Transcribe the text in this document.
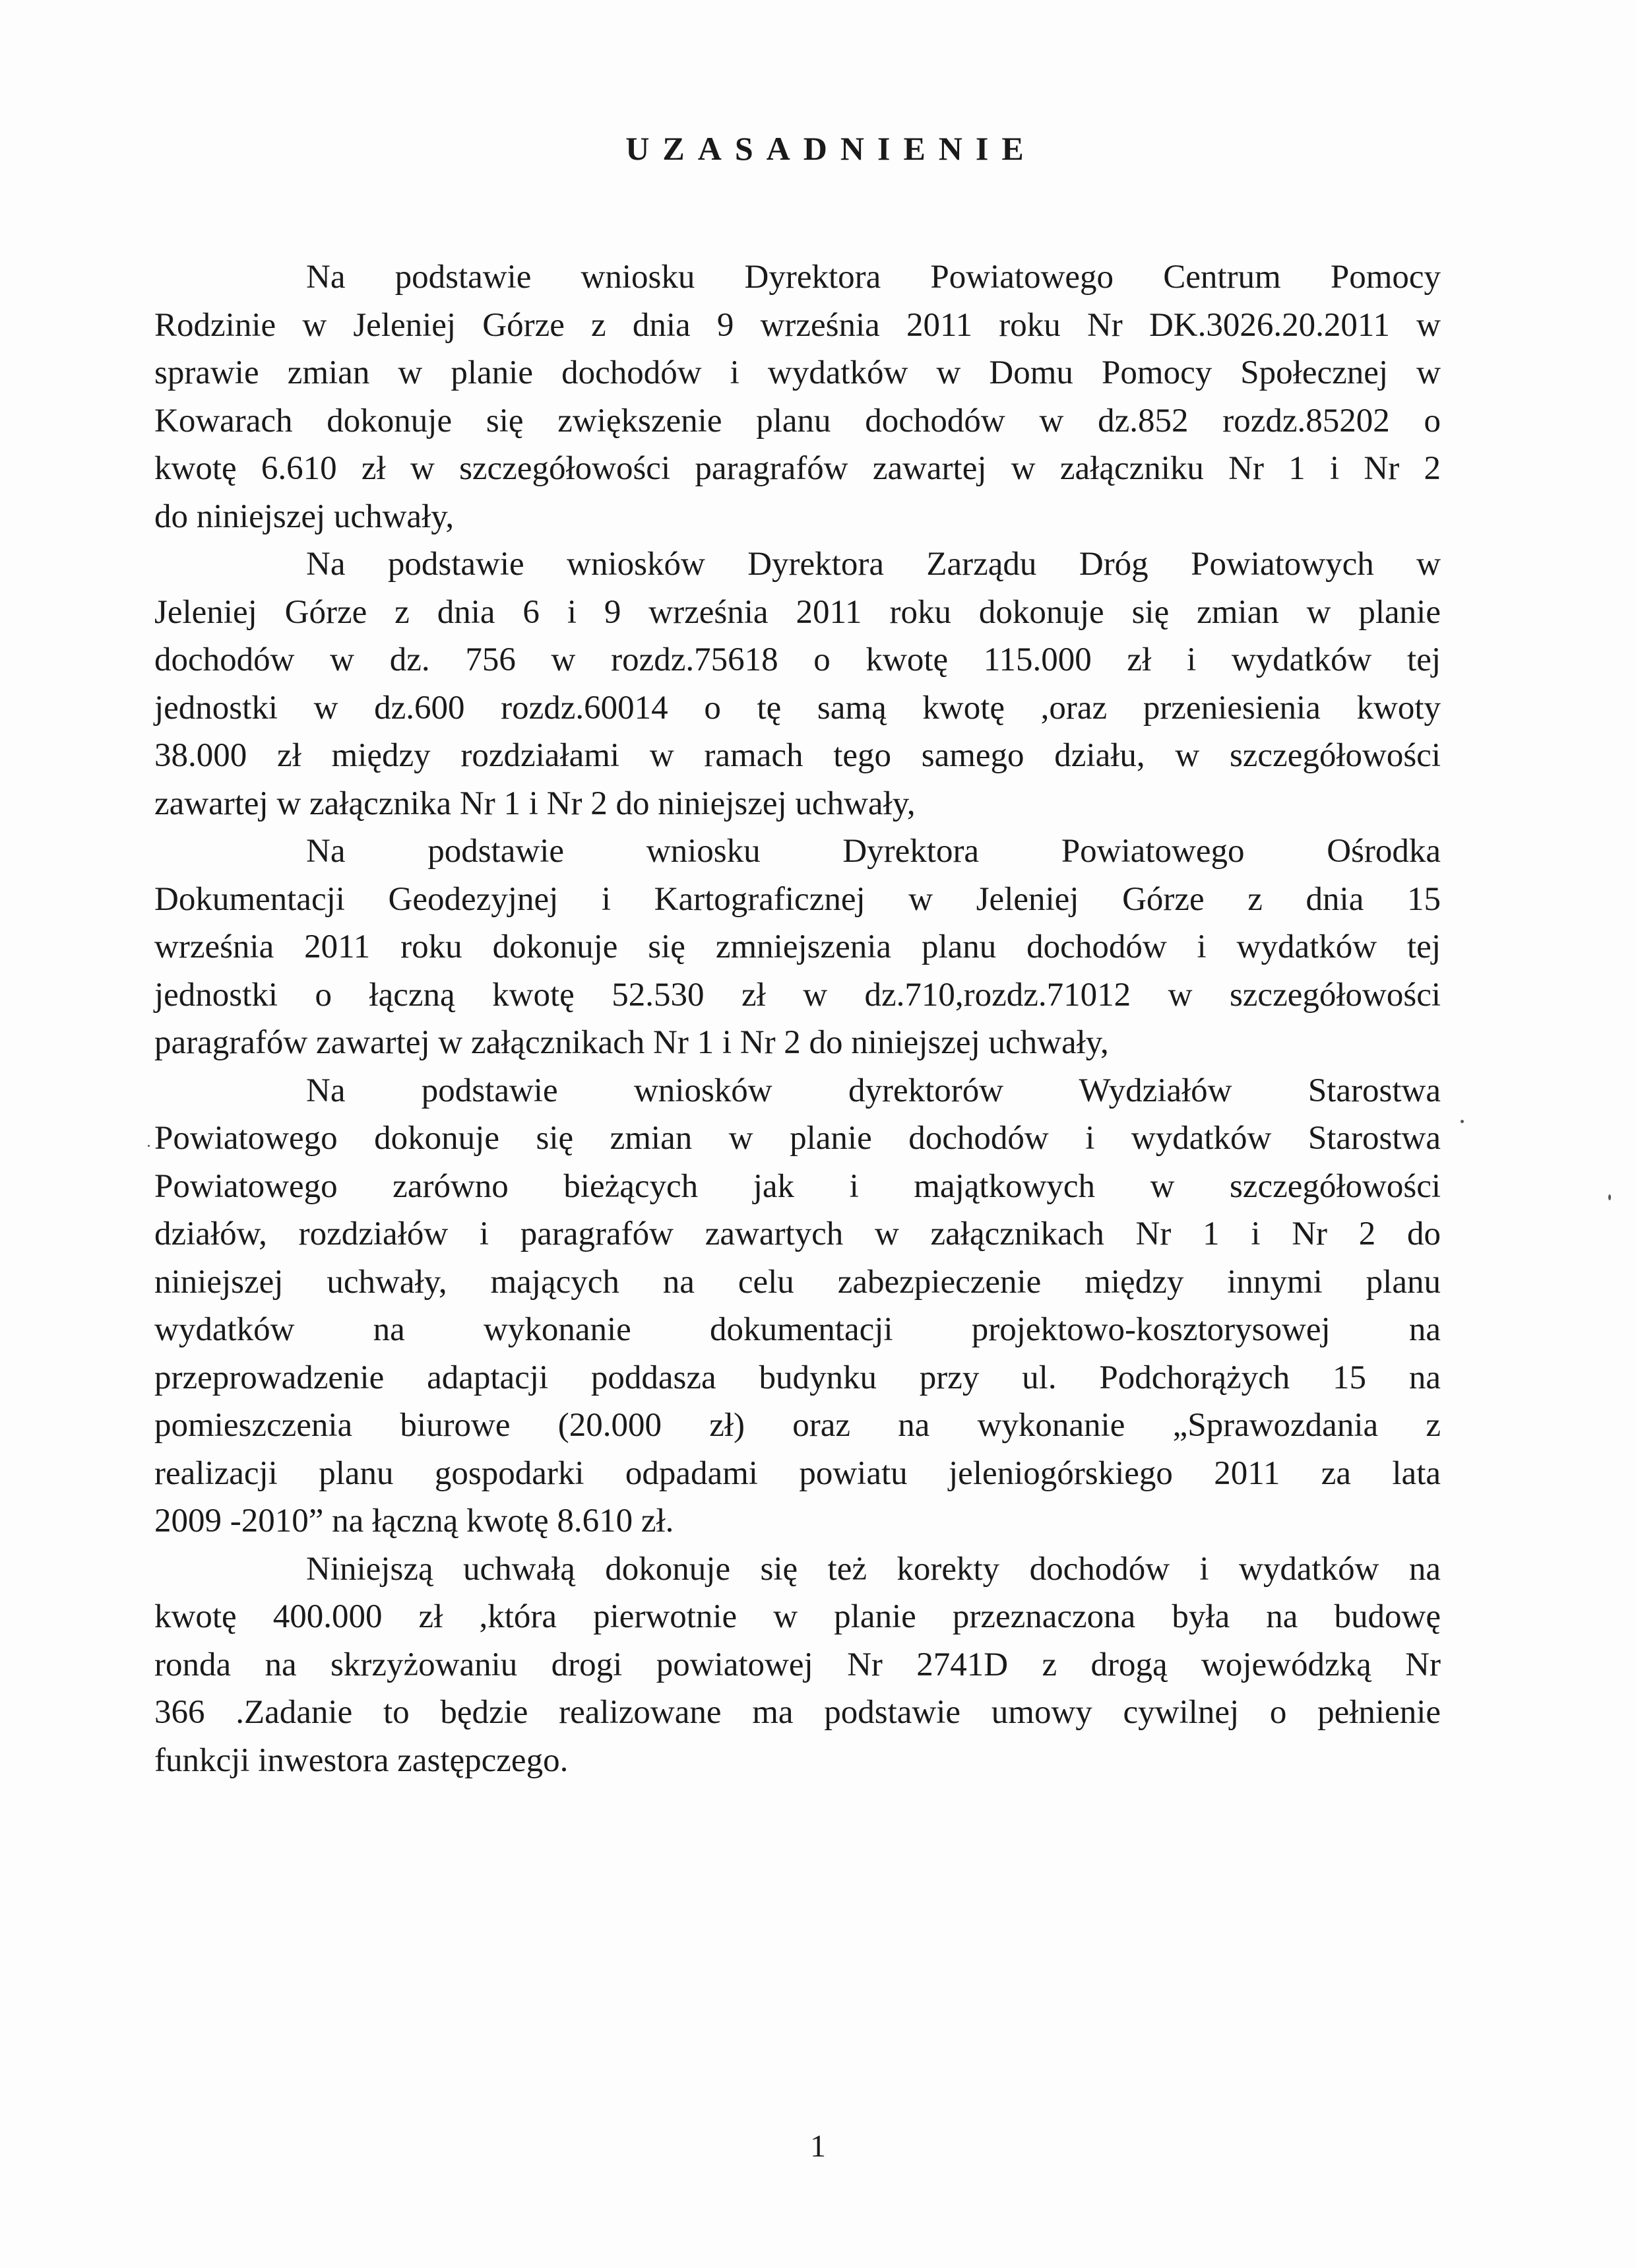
UZASADNIENIE
Na podstawie wniosku Dyrektora Powiatowego Centrum Pomocy
Rodzinie w Jeleniej Górze z dnia 9 września 2011 roku Nr DK.3026.20.2011 w
sprawie zmian w planie dochodów i wydatków w Domu Pomocy Społecznej w
Kowarach dokonuje się zwiększenie planu dochodów w dz.852 rozdz.85202 o
kwotę 6.610 zł w szczegółowości paragrafów zawartej w załączniku Nr 1 i Nr 2
do niniejszej uchwały,
Na podstawie wniosków Dyrektora Zarządu Dróg Powiatowych w
Jeleniej Górze z dnia 6 i 9 września 2011 roku dokonuje się zmian w planie
dochodów w dz. 756 w rozdz.75618 o kwotę 115.000 zł i wydatków tej
jednostki w dz.600 rozdz.60014 o tę samą kwotę ,oraz przeniesienia kwoty
38.000 zł między rozdziałami w ramach tego samego działu, w szczegółowości
zawartej w załącznika Nr 1 i Nr 2 do niniejszej uchwały,
Na podstawie wniosku Dyrektora Powiatowego Ośrodka
Dokumentacji Geodezyjnej i Kartograficznej w Jeleniej Górze z dnia 15
września 2011 roku dokonuje się zmniejszenia planu dochodów i wydatków tej
jednostki o łączną kwotę 52.530 zł w dz.710,rozdz.71012 w szczegółowości
paragrafów zawartej w załącznikach Nr 1 i Nr 2 do niniejszej uchwały,
Na podstawie wniosków dyrektorów Wydziałów Starostwa
Powiatowego dokonuje się zmian w planie dochodów i wydatków Starostwa
Powiatowego zarówno bieżących jak i majątkowych w szczegółowości
działów, rozdziałów i paragrafów zawartych w załącznikach Nr 1 i Nr 2 do
niniejszej uchwały, mających na celu zabezpieczenie między innymi planu
wydatków na wykonanie dokumentacji projektowo-kosztorysowej na
przeprowadzenie adaptacji poddasza budynku przy ul. Podchorążych 15 na
pomieszczenia biurowe (20.000 zł) oraz na wykonanie „Sprawozdania z
realizacji planu gospodarki odpadami powiatu jeleniogórskiego 2011 za lata
2009 -2010” na łączną kwotę 8.610 zł.
Niniejszą uchwałą dokonuje się też korekty dochodów i wydatków na
kwotę 400.000 zł ,która pierwotnie w planie przeznaczona była na budowę
ronda na skrzyżowaniu drogi powiatowej Nr 2741D z drogą wojewódzką Nr
366 .Zadanie to będzie realizowane ma podstawie umowy cywilnej o pełnienie
funkcji inwestora zastępczego.
1
